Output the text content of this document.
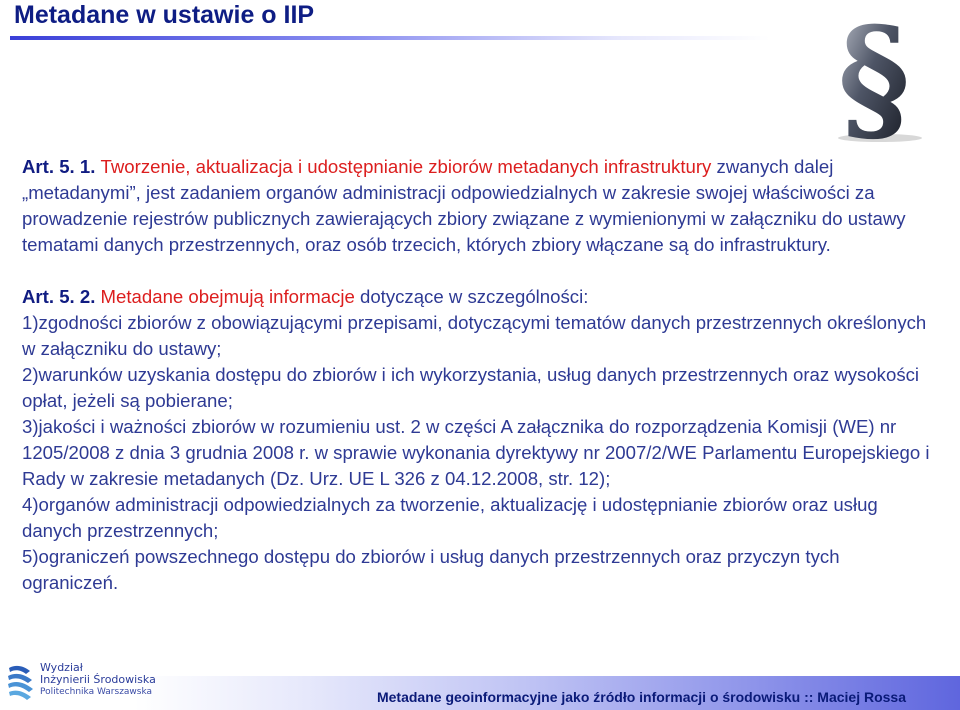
Metadane w ustawie o IIP	§

Art. 5. 1. Tworzenie, aktualizacja i udostępnianie zbiorów metadanych infrastruktury zwanych dalej „metadanymi”, jest zadaniem organów administracji odpowiedzialnych w zakresie swojej właściwości za prowadzenie rejestrów publicznych zawierających zbiory związane z wymienionymi w załączniku do ustawy tematami danych przestrzennych, oraz osób trzecich, których zbiory włączane są do infrastruktury.

Art. 5. 2. Metadane obejmują informacje dotyczące w szczególności:

1)zgodności zbiorów z obowiązującymi przepisami, dotyczącymi tematów danych przestrzennych określonych w załączniku do ustawy;

2)warunków uzyskania dostępu do zbiorów i ich wykorzystania, usług danych przestrzennych oraz wysokości opłat, jeżeli są pobierane;

3)jakości i ważności zbiorów w rozumieniu ust. 2 w części A załącznika do rozporządzenia Komisji (WE) nr 1205/2008 z dnia 3 grudnia 2008 r. w sprawie wykonania dyrektywy nr 2007/2/WE Parlamentu Europejskiego i Rady w zakresie metadanych (Dz. Urz. UE L 326 z 04.12.2008, str. 12);

4)organów administracji odpowiedzialnych za tworzenie, aktualizację i udostępnianie zbiorów oraz usług danych przestrzennych;

5)ograniczeń powszechnego dostępu do zbiorów i usług danych przestrzennych oraz przyczyn tych ograniczeń.

Wydział
Inżynierii Środowiska
Politechnika Warszawska	Metadane geoinformacyjne jako źródło informacji o środowisku :: Maciej Rossa
